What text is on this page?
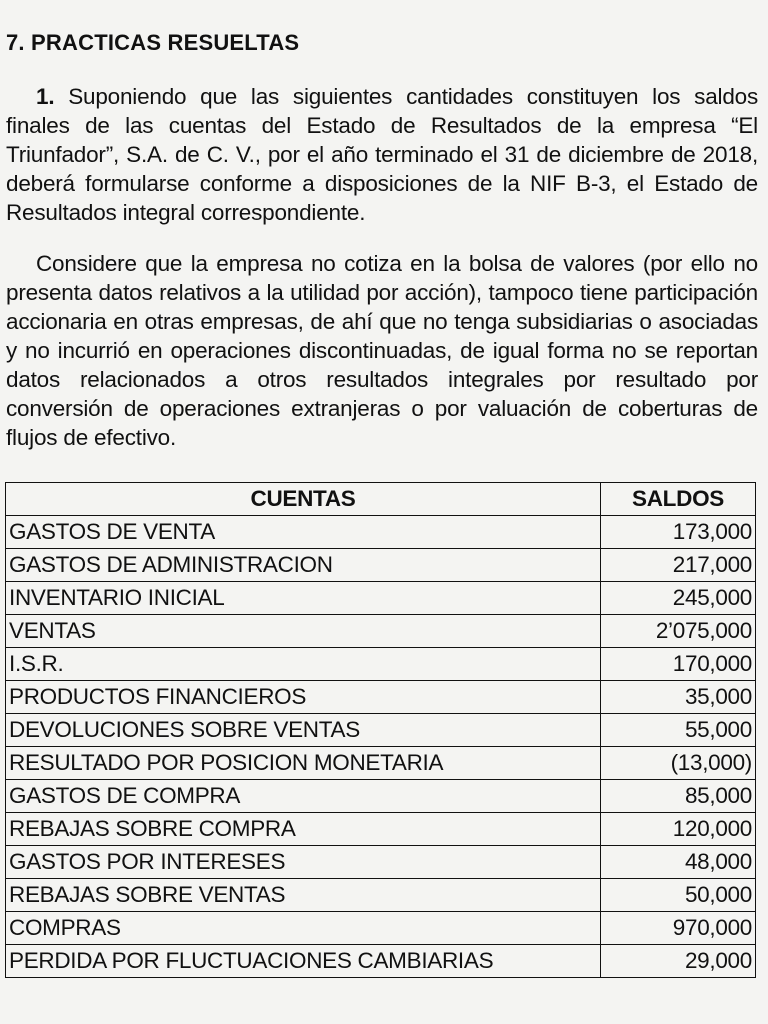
7. PRACTICAS RESUELTAS

1. Suponiendo que las siguientes cantidades constituyen los saldos finales de las cuentas del Estado de Resultados de la empresa “El Triunfador”, S.A. de C. V., por el año terminado el 31 de diciembre de 2018, deberá formularse conforme a disposiciones de la NIF B-3, el Estado de Resultados integral correspondiente.

Considere que la empresa no cotiza en la bolsa de valores (por ello no presenta datos relativos a la utilidad por acción), tampoco tiene participación accionaria en otras empresas, de ahí que no tenga subsidiarias o asociadas y no incurrió en operaciones discontinuadas, de igual forma no se reportan datos relacionados a otros resultados integrales por resultado por conversión de operaciones extranjeras o por valuación de coberturas de flujos de efectivo.

CUENTAS	SALDOS
GASTOS DE VENTA	173,000
GASTOS DE ADMINISTRACION	217,000
INVENTARIO INICIAL	245,000
VENTAS	2’075,000
I.S.R.	170,000
PRODUCTOS FINANCIEROS	35,000
DEVOLUCIONES SOBRE VENTAS	55,000
RESULTADO POR POSICION MONETARIA	(13,000)
GASTOS DE COMPRA	85,000
REBAJAS SOBRE COMPRA	120,000
GASTOS POR INTERESES	48,000
REBAJAS SOBRE VENTAS	50,000
COMPRAS	970,000
PERDIDA POR FLUCTUACIONES CAMBIARIAS	29,000
